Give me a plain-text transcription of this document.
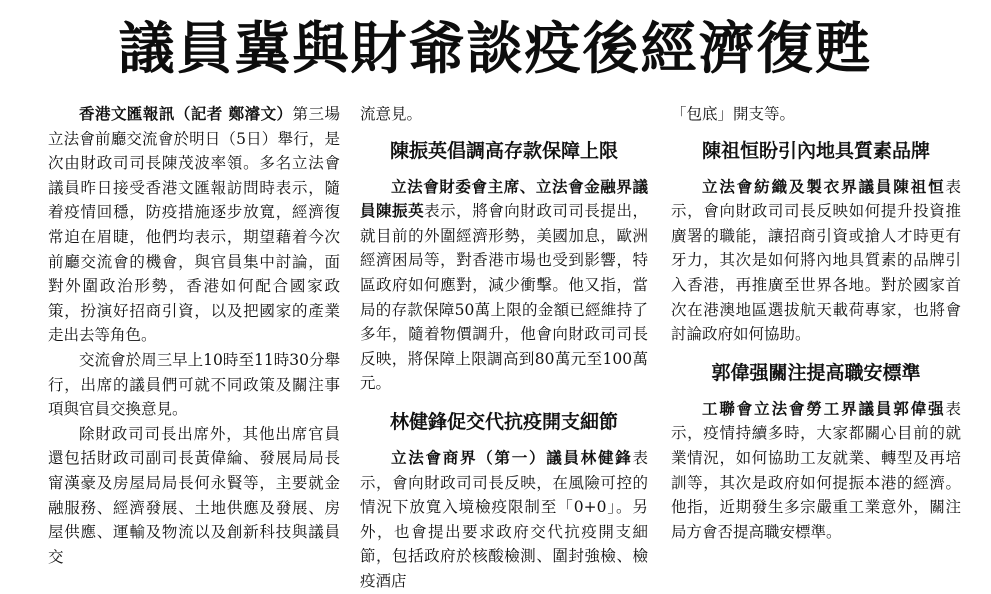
議員冀與財爺談疫後經濟復甦

香港文匯報訊（記者 鄭濬文）第三場立法會前廳交流會於明日（5日）舉行，是次由財政司司長陳茂波率領。多名立法會議員昨日接受香港文匯報訪問時表示，隨着疫情回穩，防疫措施逐步放寬，經濟復常迫在眉睫，他們均表示，期望藉着今次前廳交流會的機會，與官員集中討論，面對外圍政治形勢，香港如何配合國家政策，扮演好招商引資，以及把國家的產業走出去等角色。

交流會於周三早上10時至11時30分舉行，出席的議員們可就不同政策及關注事項與官員交換意見。

除財政司司長出席外，其他出席官員還包括財政司副司長黃偉綸、發展局局長甯漢豪及房屋局局長何永賢等，主要就金融服務、經濟發展、土地供應及發展、房屋供應、運輸及物流以及創新科技與議員交

流意見。

陳振英倡調高存款保障上限

立法會財委會主席、立法會金融界議員陳振英表示，將會向財政司司長提出，就目前的外圍經濟形勢，美國加息，歐洲經濟困局等，對香港市場也受到影響，特區政府如何應對，減少衝擊。他又指，當局的存款保障50萬上限的金額已經維持了多年，隨着物價調升，他會向財政司司長反映，將保障上限調高到80萬元至100萬元。

林健鋒促交代抗疫開支細節

立法會商界（第一）議員林健鋒表示，會向財政司司長反映，在風險可控的情況下放寬入境檢疫限制至「0+0」。另外，也會提出要求政府交代抗疫開支細節，包括政府於核酸檢測、圍封強檢、檢疫酒店

「包底」開支等。

陳祖恒盼引內地具質素品牌

立法會紡織及製衣界議員陳祖恒表示，會向財政司司長反映如何提升投資推廣署的職能，讓招商引資或搶人才時更有牙力，其次是如何將內地具質素的品牌引入香港，再推廣至世界各地。對於國家首次在港澳地區選拔航天載荷專家，也將會討論政府如何協助。

郭偉强關注提高職安標準

工聯會立法會勞工界議員郭偉强表示，疫情持續多時，大家都關心目前的就業情況，如何協助工友就業、轉型及再培訓等，其次是政府如何提振本港的經濟。他指，近期發生多宗嚴重工業意外，關注局方會否提高職安標準。
